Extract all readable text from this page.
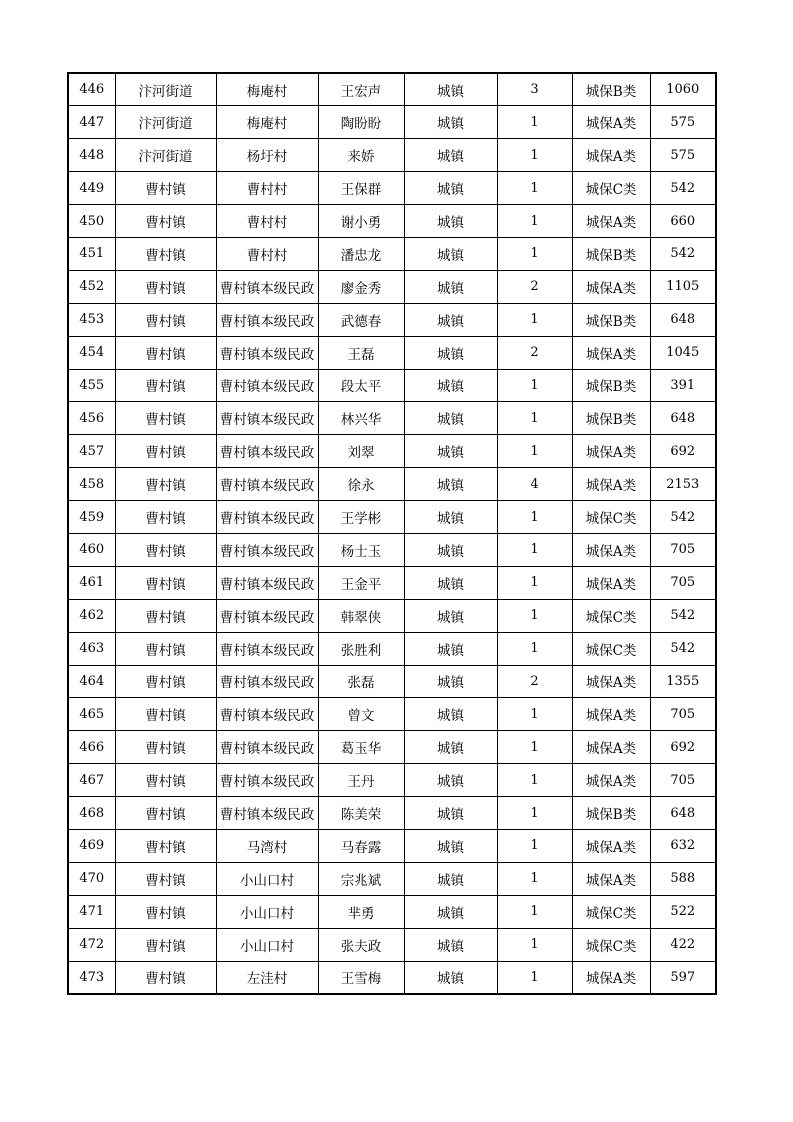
446	汴河街道	梅庵村	王宏声	城镇	3	城保B类	1060
447	汴河街道	梅庵村	陶盼盼	城镇	1	城保A类	575
448	汴河街道	杨圩村	来娇	城镇	1	城保A类	575
449	曹村镇	曹村村	王保群	城镇	1	城保C类	542
450	曹村镇	曹村村	谢小勇	城镇	1	城保A类	660
451	曹村镇	曹村村	潘忠龙	城镇	1	城保B类	542
452	曹村镇	曹村镇本级民政	廖金秀	城镇	2	城保A类	1105
453	曹村镇	曹村镇本级民政	武德春	城镇	1	城保B类	648
454	曹村镇	曹村镇本级民政	王磊	城镇	2	城保A类	1045
455	曹村镇	曹村镇本级民政	段太平	城镇	1	城保B类	391
456	曹村镇	曹村镇本级民政	林兴华	城镇	1	城保B类	648
457	曹村镇	曹村镇本级民政	刘翠	城镇	1	城保A类	692
458	曹村镇	曹村镇本级民政	徐永	城镇	4	城保A类	2153
459	曹村镇	曹村镇本级民政	王学彬	城镇	1	城保C类	542
460	曹村镇	曹村镇本级民政	杨士玉	城镇	1	城保A类	705
461	曹村镇	曹村镇本级民政	王金平	城镇	1	城保A类	705
462	曹村镇	曹村镇本级民政	韩翠侠	城镇	1	城保C类	542
463	曹村镇	曹村镇本级民政	张胜利	城镇	1	城保C类	542
464	曹村镇	曹村镇本级民政	张磊	城镇	2	城保A类	1355
465	曹村镇	曹村镇本级民政	曾文	城镇	1	城保A类	705
466	曹村镇	曹村镇本级民政	葛玉华	城镇	1	城保A类	692
467	曹村镇	曹村镇本级民政	王丹	城镇	1	城保A类	705
468	曹村镇	曹村镇本级民政	陈美荣	城镇	1	城保B类	648
469	曹村镇	马湾村	马春露	城镇	1	城保A类	632
470	曹村镇	小山口村	宗兆斌	城镇	1	城保A类	588
471	曹村镇	小山口村	芈勇	城镇	1	城保C类	522
472	曹村镇	小山口村	张夫政	城镇	1	城保C类	422
473	曹村镇	左洼村	王雪梅	城镇	1	城保A类	597
